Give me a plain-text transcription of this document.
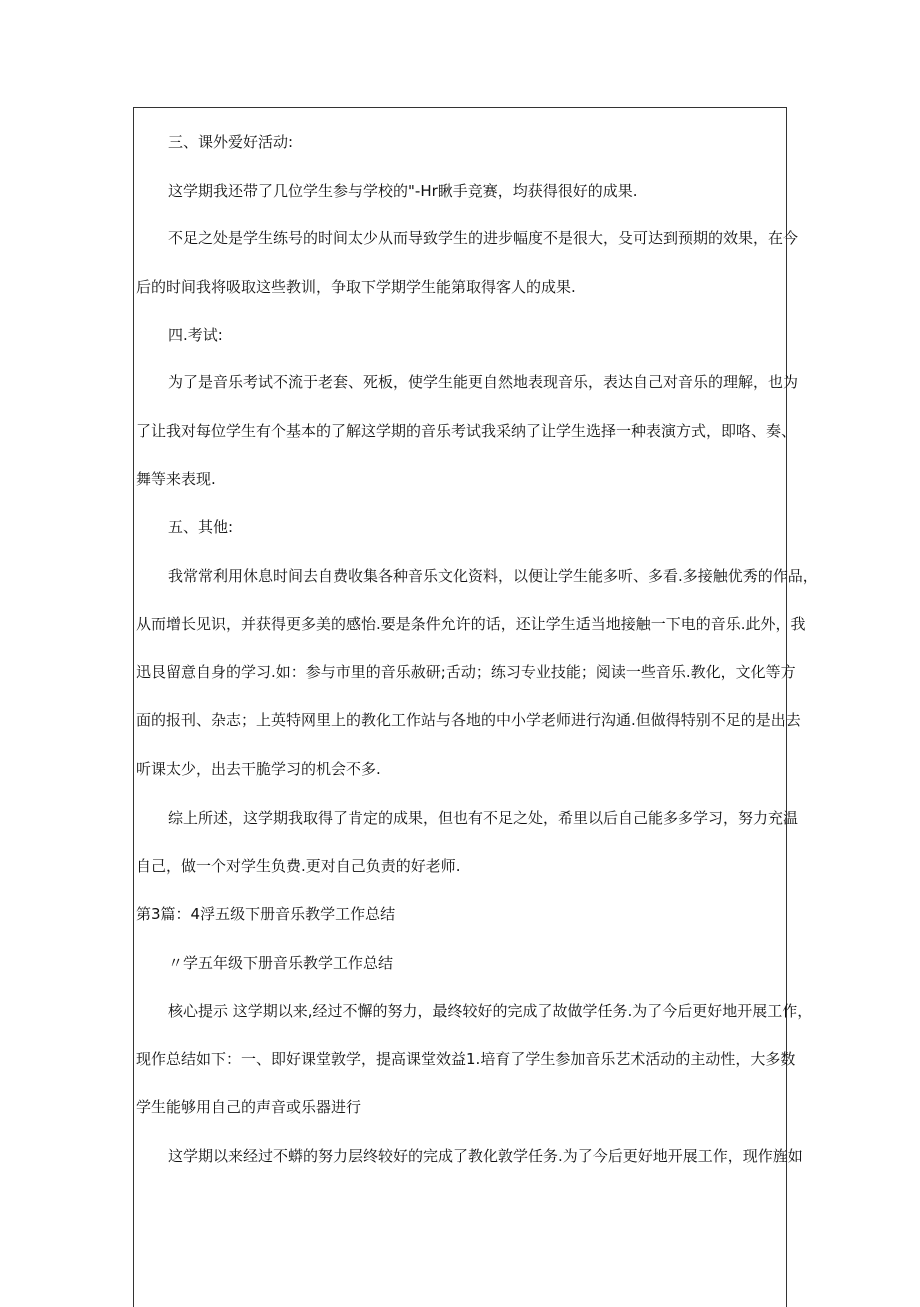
三、课外爱好活动:
这学期我还带了几位学生参与学校的"-Hr瞅手竞赛，均获得很好的成果.
不足之处是学生练号的时间太少从而导致学生的进步幅度不是很大，殳可达到预期的效果，在今
后的时间我将吸取这些教训，争取下学期学生能第取得客人的成果.
四.考试:
为了是音乐考试不流于老套、死板，使学生能更自然地表现音乐，表达自己对音乐的理解，也为
了让我对每位学生有个基本的了解这学期的音乐考试我采纳了让学生选择一种表演方式，即咯、奏、
舞等来表现.
五、其他:
我常常利用休息时间去自费收集各种音乐文化资料，以便让学生能多听、多看.多接触优秀的作品，
从而增长见识，并获得更多美的感怡.要是条件允许的话，还让学生适当地接触一下电的音乐.此外，我
迅艮留意自身的学习.如：参与市里的音乐赦研;舌动；练习专业技能；阅读一些音乐.教化，文化等方
面的报刊、杂志；上英特网里上的教化工作站与各地的中小学老师进行沟通.但做得特别不足的是出去
听课太少，出去干脆学习的机会不多.
综上所述，这学期我取得了肯定的成果，但也有不足之处，希里以后自己能多多学习，努力充温
自己，做一个对学生负费.更对自己负责的好老师.
第3篇：4浮五级下册音乐教学工作总结
〃学五年级下册音乐教学工作总结
核心提示 这学期以来,经过不懈的努力，最终较好的完成了故做学任务.为了今后更好地开展工作，
现作总结如下：一、即好课堂敦学，提高课堂效益1.培育了学生参加音乐艺术活动的主动性，大多数
学生能够用自己的声音或乐器进行
这学期以来经过不蟒的努力层终较好的完成了教化敦学任务.为了今后更好地开展工作，现作旌如
